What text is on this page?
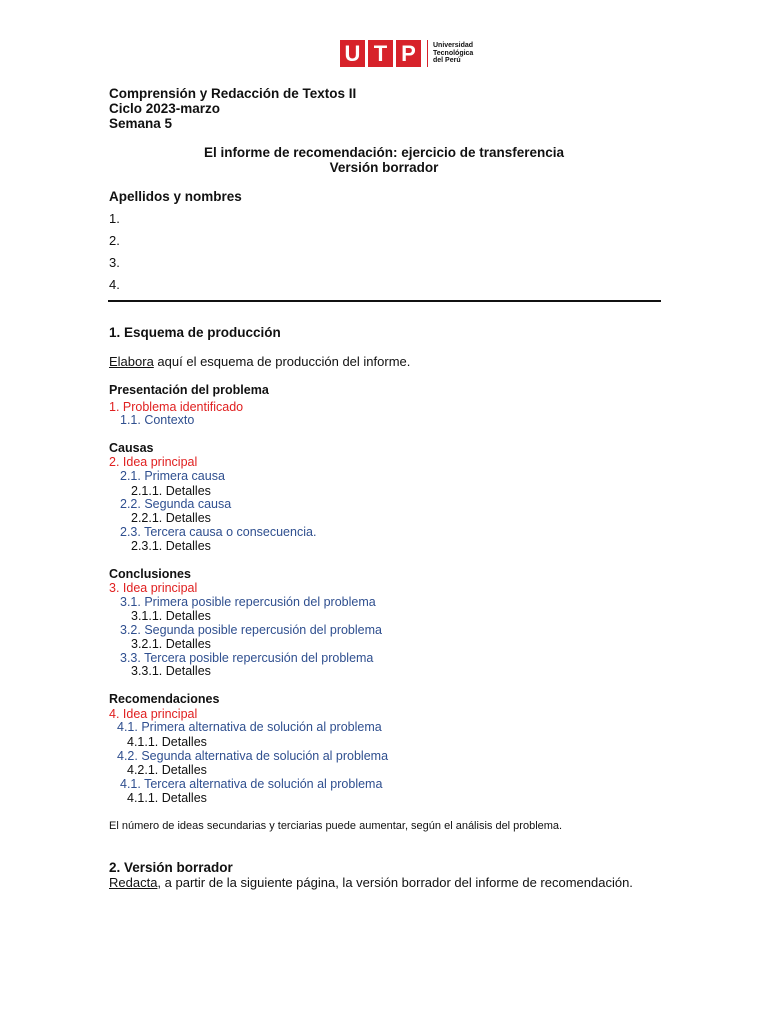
U T P	Universidad
Tecnológica
del Perú
Comprensión y Redacción de Textos II
Ciclo 2023-marzo
Semana 5
El informe de recomendación: ejercicio de transferencia
Versión borrador
Apellidos y nombres
1.
2.
3.
4.
1. Esquema de producción
Elabora aquí el esquema de producción del informe.
Presentación del problema
1. Problema identificado
1.1. Contexto
Causas
2. Idea principal
2.1. Primera causa
2.1.1. Detalles
2.2. Segunda causa
2.2.1. Detalles
2.3. Tercera causa o consecuencia.
2.3.1. Detalles
Conclusiones
3. Idea principal
3.1. Primera posible repercusión del problema
3.1.1. Detalles
3.2. Segunda posible repercusión del problema
3.2.1. Detalles
3.3. Tercera posible repercusión del problema
3.3.1. Detalles
Recomendaciones
4. Idea principal
4.1. Primera alternativa de solución al problema
4.1.1. Detalles
4.2. Segunda alternativa de solución al problema
4.2.1. Detalles
4.1. Tercera alternativa de solución al problema
4.1.1. Detalles
El número de ideas secundarias y terciarias puede aumentar, según el análisis del problema.
2. Versión borrador
Redacta, a partir de la siguiente página, la versión borrador del informe de recomendación.
